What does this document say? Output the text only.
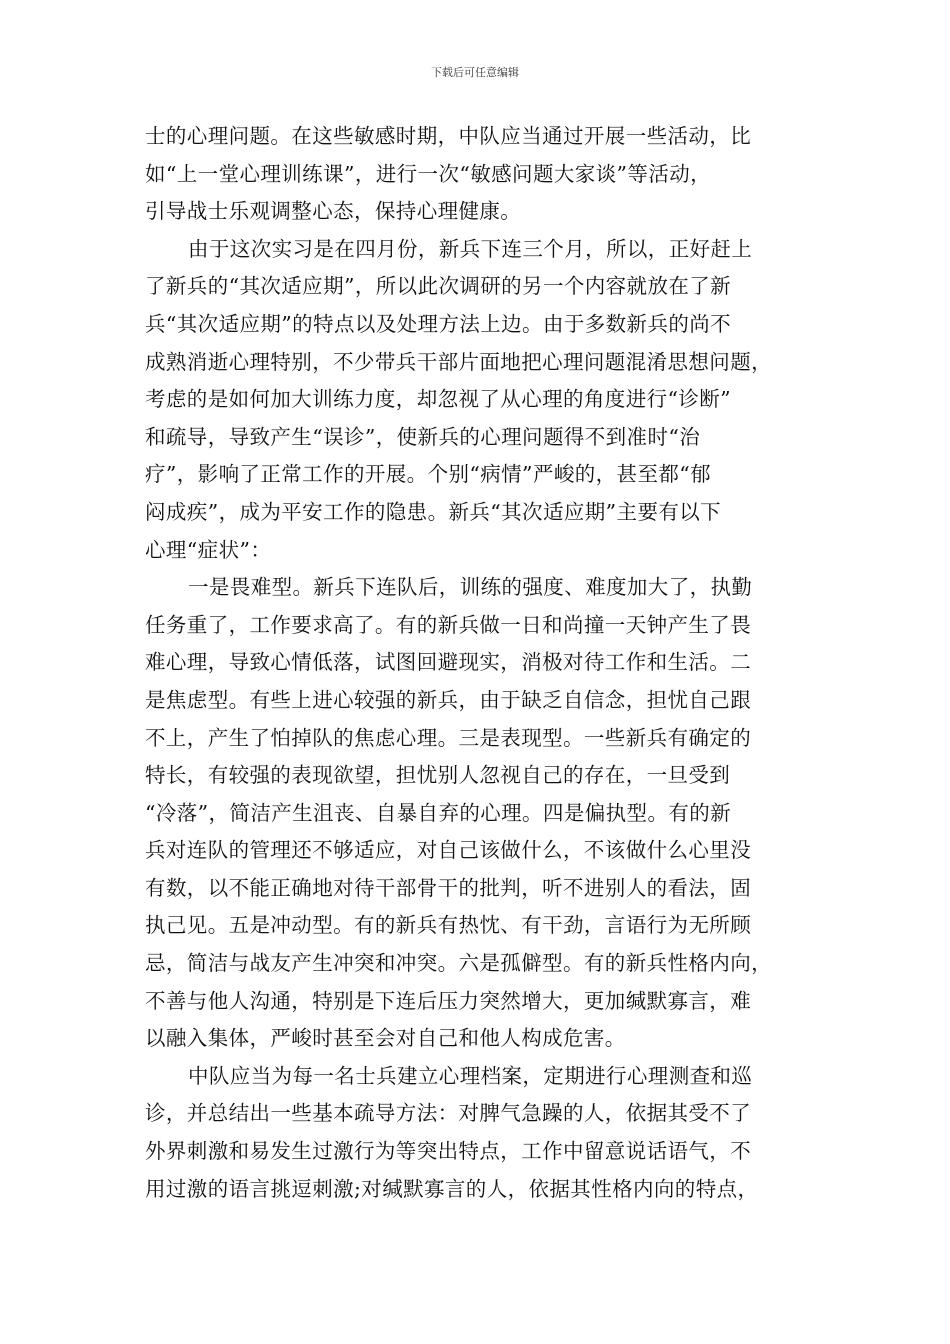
下载后可任意编辑

士的心理问题。在这些敏感时期，中队应当通过开展一些活动，比
如“上一堂心理训练课”，进行一次“敏感问题大家谈”等活动，
引导战士乐观调整心态，保持心理健康。

由于这次实习是在四月份，新兵下连三个月，所以，正好赶上
了新兵的“其次适应期”，所以此次调研的另一个内容就放在了新
兵“其次适应期”的特点以及处理方法上边。由于多数新兵的尚不
成熟消逝心理特别，不少带兵干部片面地把心理问题混淆思想问题，
考虑的是如何加大训练力度，却忽视了从心理的角度进行“诊断”
和疏导，导致产生“误诊”，使新兵的心理问题得不到准时“治
疗”，影响了正常工作的开展。个别“病情”严峻的，甚至都“郁
闷成疾”，成为平安工作的隐患。新兵“其次适应期”主要有以下
心理“症状”：

一是畏难型。新兵下连队后，训练的强度、难度加大了，执勤
任务重了，工作要求高了。有的新兵做一日和尚撞一天钟产生了畏
难心理，导致心情低落，试图回避现实，消极对待工作和生活。二
是焦虑型。有些上进心较强的新兵，由于缺乏自信念，担忧自己跟
不上，产生了怕掉队的焦虑心理。三是表现型。一些新兵有确定的
特长，有较强的表现欲望，担忧别人忽视自己的存在，一旦受到
“冷落”，简洁产生沮丧、自暴自弃的心理。四是偏执型。有的新
兵对连队的管理还不够适应，对自己该做什么，不该做什么心里没
有数，以不能正确地对待干部骨干的批判，听不进别人的看法，固
执己见。五是冲动型。有的新兵有热忱、有干劲，言语行为无所顾
忌，简洁与战友产生冲突和冲突。六是孤僻型。有的新兵性格内向，
不善与他人沟通，特别是下连后压力突然增大，更加缄默寡言，难
以融入集体，严峻时甚至会对自己和他人构成危害。

中队应当为每一名士兵建立心理档案，定期进行心理测查和巡
诊，并总结出一些基本疏导方法：对脾气急躁的人，依据其受不了
外界刺激和易发生过激行为等突出特点，工作中留意说话语气，不
用过激的语言挑逗刺激;对缄默寡言的人，依据其性格内向的特点，
